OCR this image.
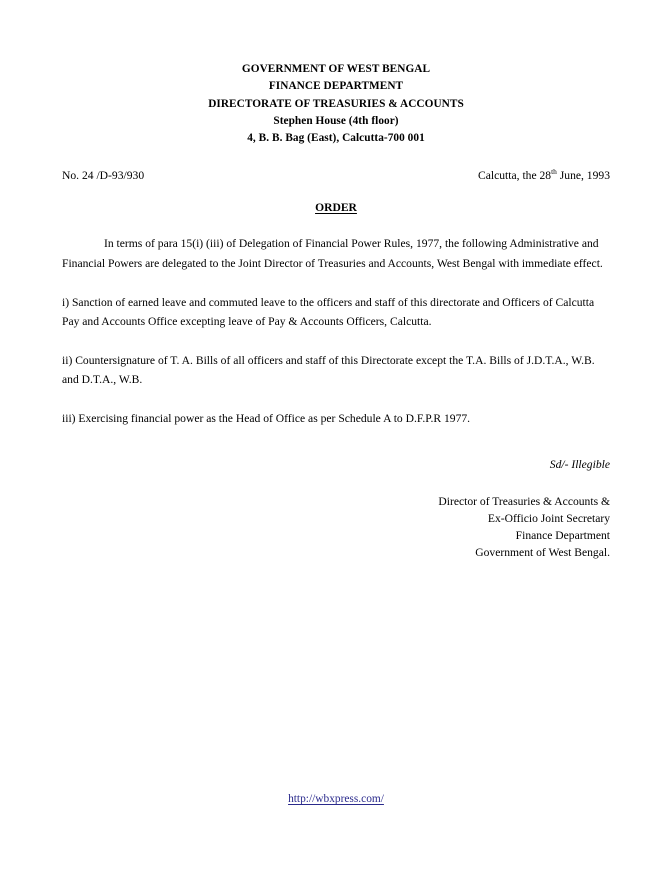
GOVERNMENT OF WEST BENGAL
FINANCE DEPARTMENT
DIRECTORATE OF TREASURIES & ACCOUNTS
Stephen House (4th floor)
4, B. B. Bag (East), Calcutta-700 001
No. 24 /D-93/930	Calcutta, the 28th June, 1993
ORDER

In terms of para 15(i) (iii) of Delegation of Financial Power Rules, 1977, the following Administrative and Financial Powers are delegated to the Joint Director of Treasuries and Accounts, West Bengal with immediate effect.

i) Sanction of earned leave and commuted leave to the officers and staff of this directorate and Officers of Calcutta Pay and Accounts Office excepting leave of Pay & Accounts Officers, Calcutta.

ii) Countersignature of T. A. Bills of all officers and staff of this Directorate except the T.A. Bills of J.D.T.A., W.B. and D.T.A., W.B.

iii) Exercising financial power as the Head of Office as per Schedule A to D.F.P.R 1977.

Sd/- Illegible
Director of Treasuries & Accounts &
Ex-Officio Joint Secretary
Finance Department
Government of West Bengal.
http://wbxpress.com/
